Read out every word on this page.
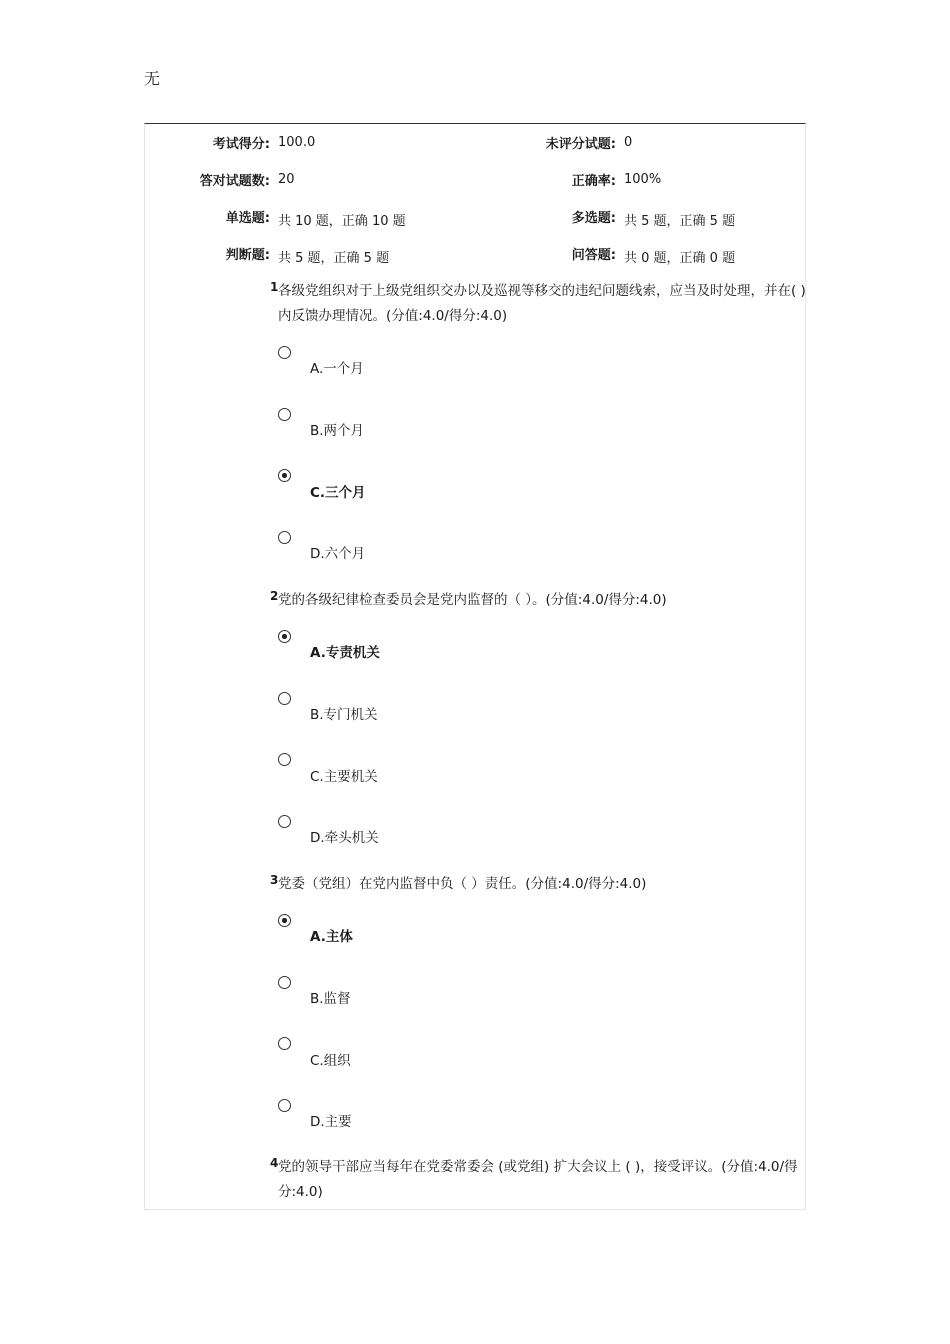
无
考试得分: 100.0	未评分试题: 0
答对试题数: 20	正确率: 100%
单选题: 共 10 题，正确 10 题	多选题: 共 5 题，正确 5 题
判断题: 共 5 题，正确 5 题	问答题: 共 0 题，正确 0 题
1 各级党组织对于上级党组织交办以及巡视等移交的违纪问题线索，应当及时处理，并在( )内反馈办理情况。(分值:4.0/得分:4.0)
A.一个月
B.两个月
C.三个月
D.六个月
2 党的各级纪律检查委员会是党内监督的（ ）。(分值:4.0/得分:4.0)
A.专责机关
B.专门机关
C.主要机关
D.牵头机关
3 党委（党组）在党内监督中负（ ）责任。(分值:4.0/得分:4.0)
A.主体
B.监督
C.组织
D.主要
4 党的领导干部应当每年在党委常委会 (或党组) 扩大会议上 ( )，接受评议。(分值:4.0/得分:4.0)
